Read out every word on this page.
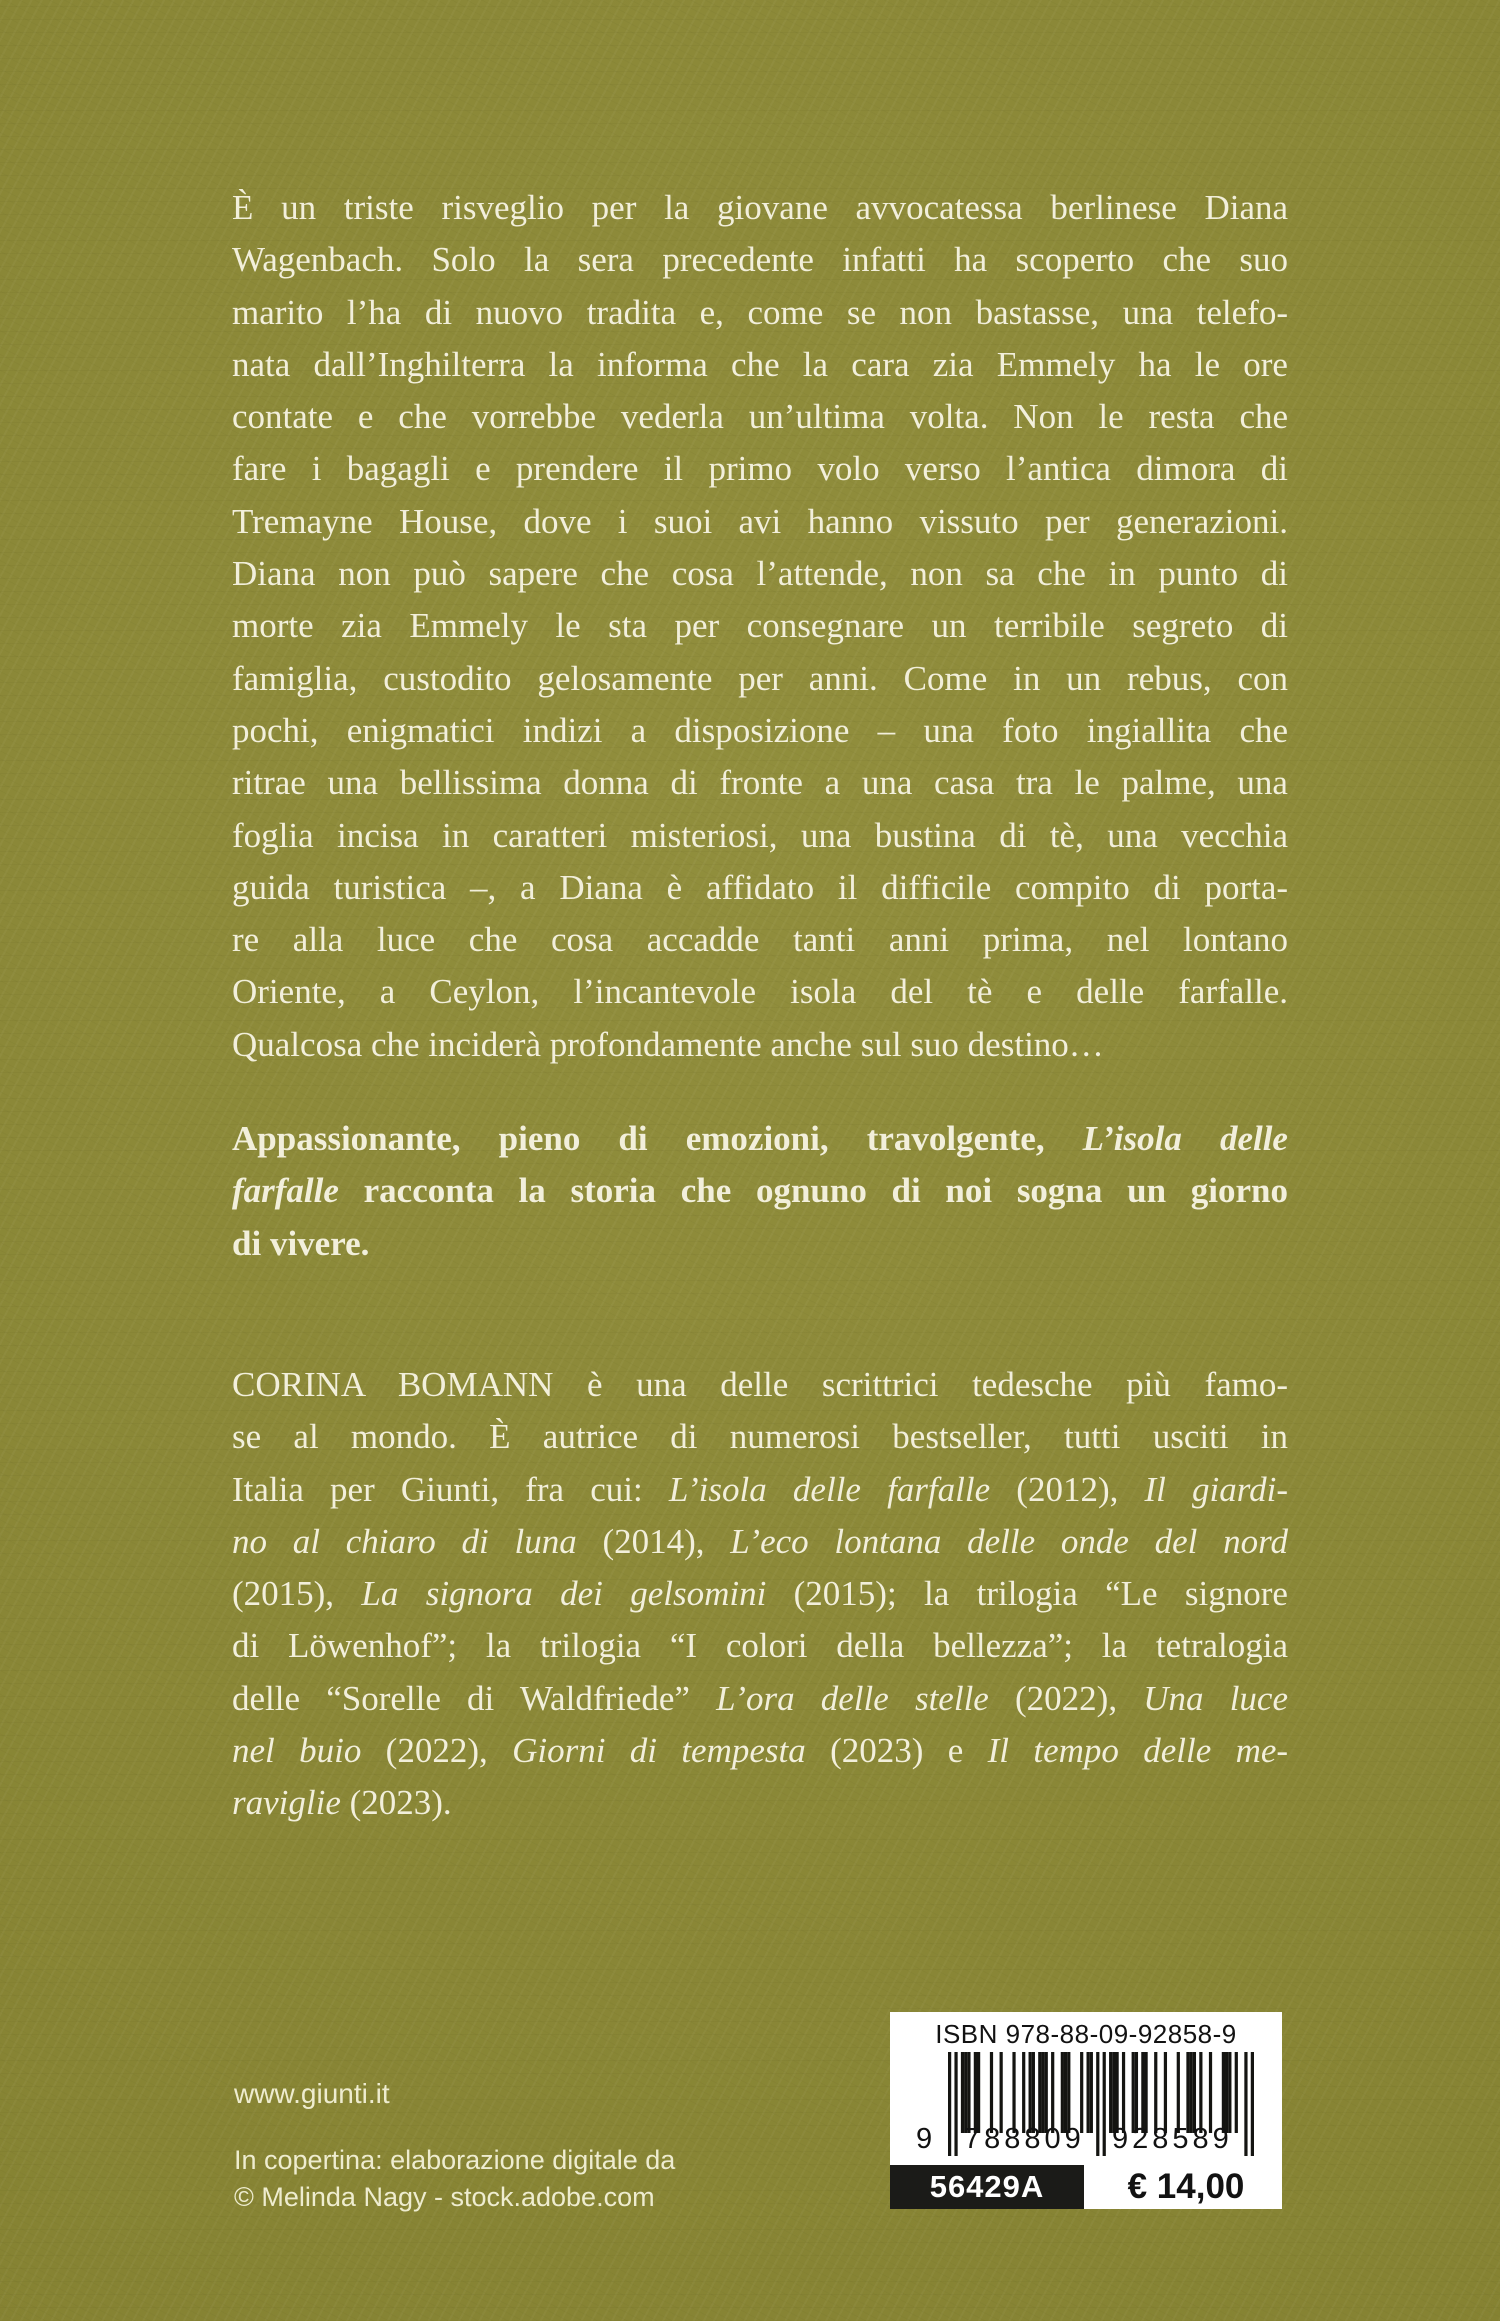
È un triste risveglio per la giovane avvocatessa berlinese Diana
Wagenbach. Solo la sera precedente infatti ha scoperto che suo
marito l’ha di nuovo tradita e, come se non bastasse, una telefo-
nata dall’Inghilterra la informa che la cara zia Emmely ha le ore
contate e che vorrebbe vederla un’ultima volta. Non le resta che
fare i bagagli e prendere il primo volo verso l’antica dimora di
Tremayne House, dove i suoi avi hanno vissuto per generazioni.
Diana non può sapere che cosa l’attende, non sa che in punto di
morte zia Emmely le sta per consegnare un terribile segreto di
famiglia, custodito gelosamente per anni. Come in un rebus, con
pochi, enigmatici indizi a disposizione – una foto ingiallita che
ritrae una bellissima donna di fronte a una casa tra le palme, una
foglia incisa in caratteri misteriosi, una bustina di tè, una vecchia
guida turistica –, a Diana è affidato il difficile compito di porta-
re alla luce che cosa accadde tanti anni prima, nel lontano
Oriente, a Ceylon, l’incantevole isola del tè e delle farfalle.
Qualcosa che inciderà profondamente anche sul suo destino…
Appassionante, pieno di emozioni, travolgente, L’isola delle
farfalle racconta la storia che ognuno di noi sogna un giorno
di vivere.
CORINA BOMANN è una delle scrittrici tedesche più famo-
se al mondo. È autrice di numerosi bestseller, tutti usciti in
Italia per Giunti, fra cui: L’isola delle farfalle (2012), Il giardi-
no al chiaro di luna (2014), L’eco lontana delle onde del nord
(2015), La signora dei gelsomini (2015); la trilogia “Le signore
di Löwenhof”; la trilogia “I colori della bellezza”; la tetralogia
delle “Sorelle di Waldfriede” L’ora delle stelle (2022), Una luce
nel buio (2022), Giorni di tempesta (2023) e Il tempo delle me-
raviglie (2023).
www.giunti.it
In copertina: elaborazione digitale da
© Melinda Nagy - stock.adobe.com
ISBN 978-88-09-92858-9
9 788809 928589
56429A	€ 14,00
